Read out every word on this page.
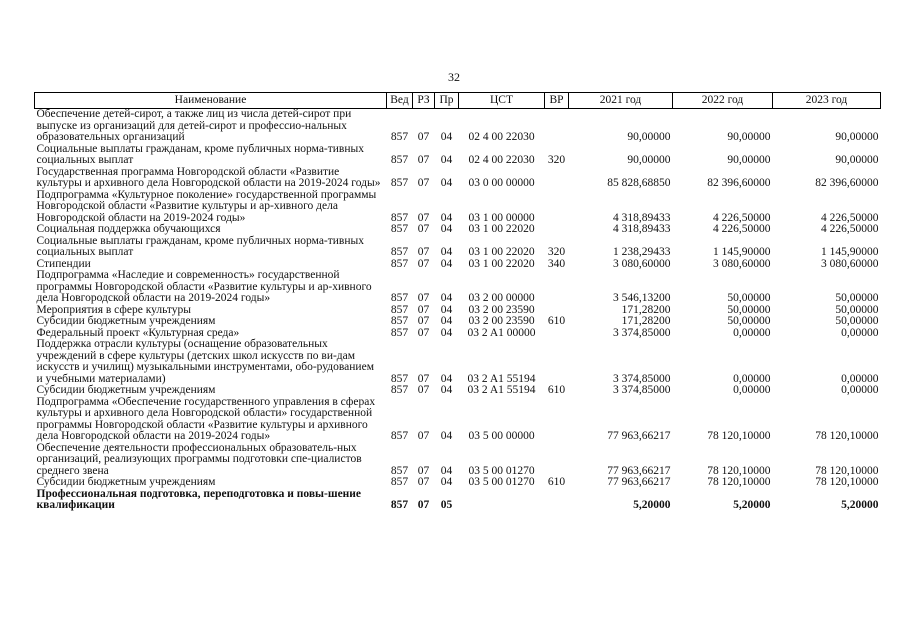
32
Наименование	Вед	РЗ	Пр	ЦСТ	ВР	2021 год	2022 год	2023 год
Обеспечение детей-сирот, а также лиц из числа детей-сирот при выпуске из организаций для детей-сирот и профессио-нальных образовательных организаций	857	07	04	02 4 00 22030		90,00000	90,00000	90,00000
Социальные выплаты гражданам, кроме публичных норма-тивных социальных выплат	857	07	04	02 4 00 22030	320	90,00000	90,00000	90,00000
Государственная программа Новгородской области «Развитие культуры и архивного дела Новгородской области на 2019-2024 годы»	857	07	04	03 0 00 00000		85 828,68850	82 396,60000	82 396,60000
Подпрограмма «Культурное поколение» государственной программы Новгородской области «Развитие культуры и ар-хивного дела Новгородской области на 2019-2024 годы»	857	07	04	03 1 00 00000		4 318,89433	4 226,50000	4 226,50000
Социальная поддержка обучающихся	857	07	04	03 1 00 22020		4 318,89433	4 226,50000	4 226,50000
Социальные выплаты гражданам, кроме публичных норма-тивных социальных выплат	857	07	04	03 1 00 22020	320	1 238,29433	1 145,90000	1 145,90000
Стипендии	857	07	04	03 1 00 22020	340	3 080,60000	3 080,60000	3 080,60000
Подпрограмма «Наследие и современность» государственной программы Новгородской области «Развитие культуры и ар-хивного дела Новгородской области на 2019-2024 годы»	857	07	04	03 2 00 00000		3 546,13200	50,00000	50,00000
Мероприятия в сфере культуры	857	07	04	03 2 00 23590		171,28200	50,00000	50,00000
Субсидии бюджетным учреждениям	857	07	04	03 2 00 23590	610	171,28200	50,00000	50,00000
Федеральный проект «Культурная среда»	857	07	04	03 2 A1 00000		3 374,85000	0,00000	0,00000
Поддержка отрасли культуры (оснащение образовательных учреждений в сфере культуры (детских школ искусств по ви-дам искусств и училищ) музыкальными инструментами, обо-рудованием и учебными материалами)	857	07	04	03 2 A1 55194		3 374,85000	0,00000	0,00000
Субсидии бюджетным учреждениям	857	07	04	03 2 A1 55194	610	3 374,85000	0,00000	0,00000
Подпрограмма «Обеспечение государственного управления в сферах культуры и архивного дела Новгородской области» государственной программы Новгородской области «Развитие культуры и архивного дела Новгородской области на 2019-2024 годы»	857	07	04	03 5 00 00000		77 963,66217	78 120,10000	78 120,10000
Обеспечение деятельности профессиональных образователь-ных организаций, реализующих программы подготовки спе-циалистов среднего звена	857	07	04	03 5 00 01270		77 963,66217	78 120,10000	78 120,10000
Субсидии бюджетным учреждениям	857	07	04	03 5 00 01270	610	77 963,66217	78 120,10000	78 120,10000
Профессиональная подготовка, переподготовка и повы-шение квалификации	857	07	05			5,20000	5,20000	5,20000
